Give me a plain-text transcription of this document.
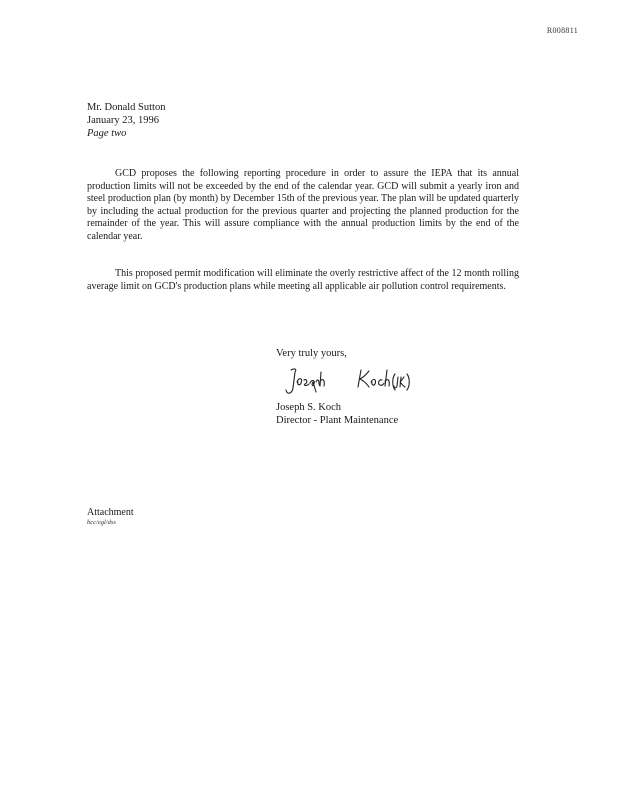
R008811
Mr. Donald Sutton
January 23, 1996
Page two

GCD proposes the following reporting procedure in order to assure the IEPA that its annual production limits will not be exceeded by the end of the calendar year. GCD will submit a yearly iron and steel production plan (by month) by December 15th of the previous year. The plan will be updated quarterly by including the actual production for the previous quarter and projecting the planned production for the remainder of the year. This will assure compliance with the annual production limits by the end of the calendar year.

This proposed permit modification will eliminate the overly restrictive affect of the 12 month rolling average limit on GCD's production plans while meeting all applicable air pollution control requirements.

Very truly yours,
Joseph S. Koch
Director - Plant Maintenance
Attachment
bcc/egl/dss
